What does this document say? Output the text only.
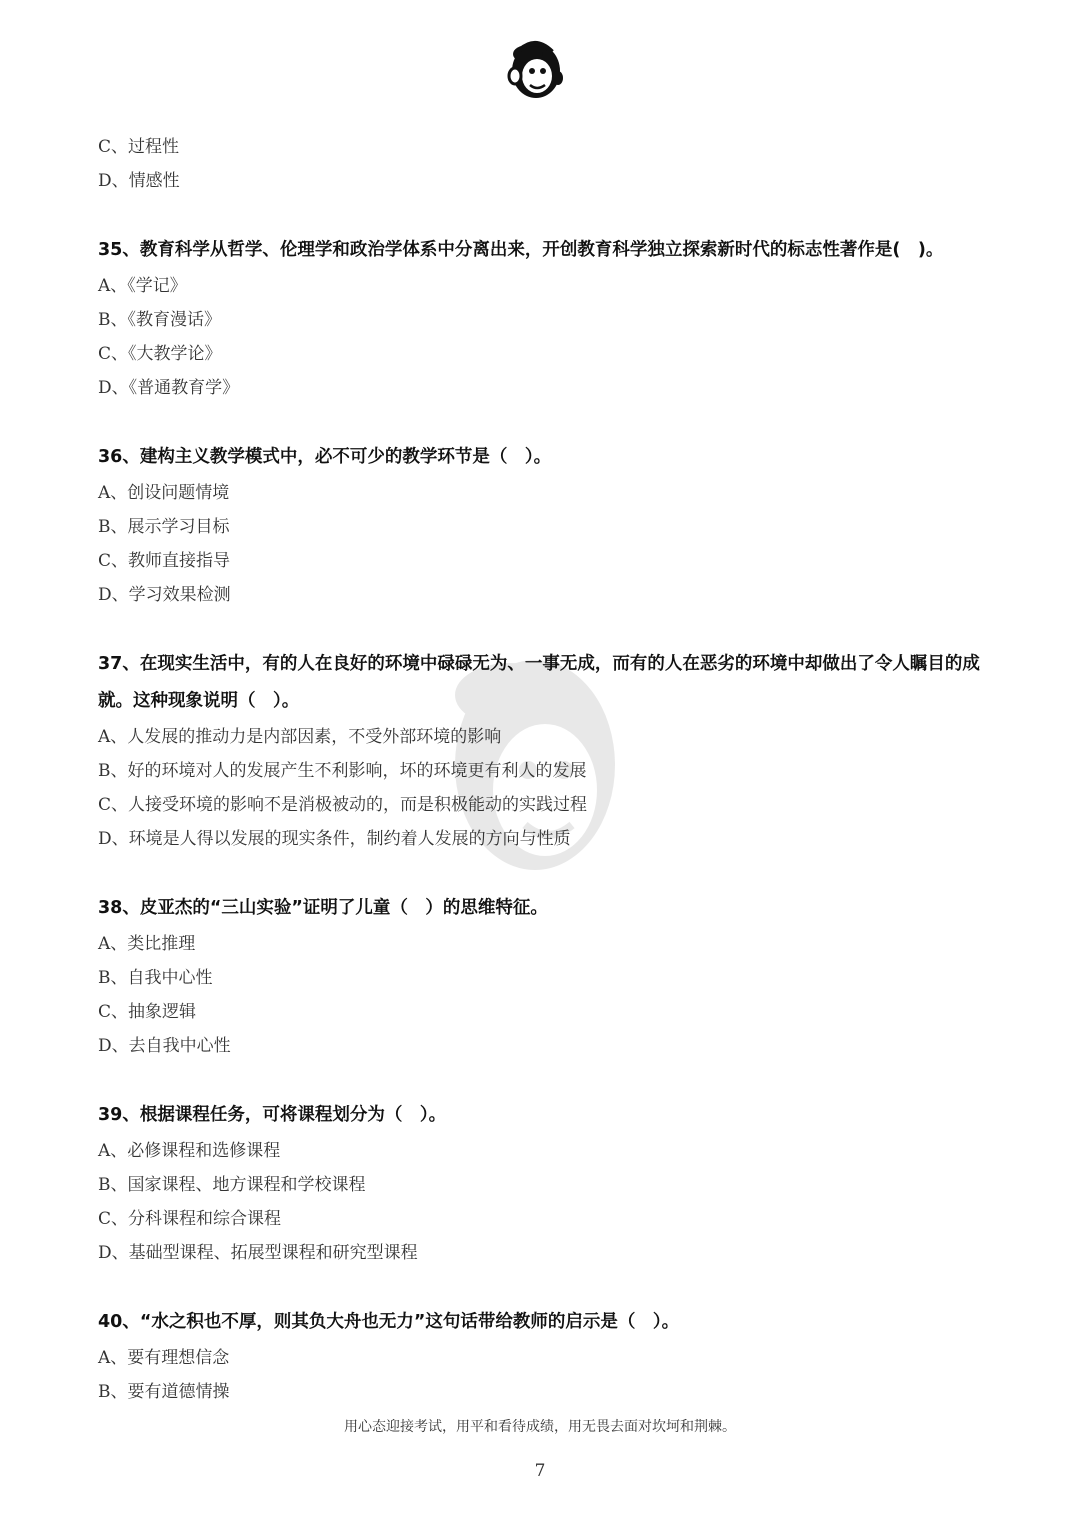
C、过程性
D、情感性
35、教育科学从哲学、伦理学和政治学体系中分离出来，开创教育科学独立探索新时代的标志性著作是(　)。
A、《学记》
B、《教育漫话》
C、《大教学论》
D、《普通教育学》
36、建构主义教学模式中，必不可少的教学环节是（　）。
A、创设问题情境
B、展示学习目标
C、教师直接指导
D、学习效果检测
37、在现实生活中，有的人在良好的环境中碌碌无为、一事无成，而有的人在恶劣的环境中却做出了令人瞩目的成就。这种现象说明（　）。
A、人发展的推动力是内部因素，不受外部环境的影响
B、好的环境对人的发展产生不利影响，坏的环境更有利人的发展
C、人接受环境的影响不是消极被动的，而是积极能动的实践过程
D、环境是人得以发展的现实条件，制约着人发展的方向与性质
38、皮亚杰的“三山实验”证明了儿童（　）的思维特征。
A、类比推理
B、自我中心性
C、抽象逻辑
D、去自我中心性
39、根据课程任务，可将课程划分为（　）。
A、必修课程和选修课程
B、国家课程、地方课程和学校课程
C、分科课程和综合课程
D、基础型课程、拓展型课程和研究型课程
40、“水之积也不厚，则其负大舟也无力”这句话带给教师的启示是（　）。
A、要有理想信念
B、要有道德情操
用心态迎接考试，用平和看待成绩，用无畏去面对坎坷和荆棘。
7
